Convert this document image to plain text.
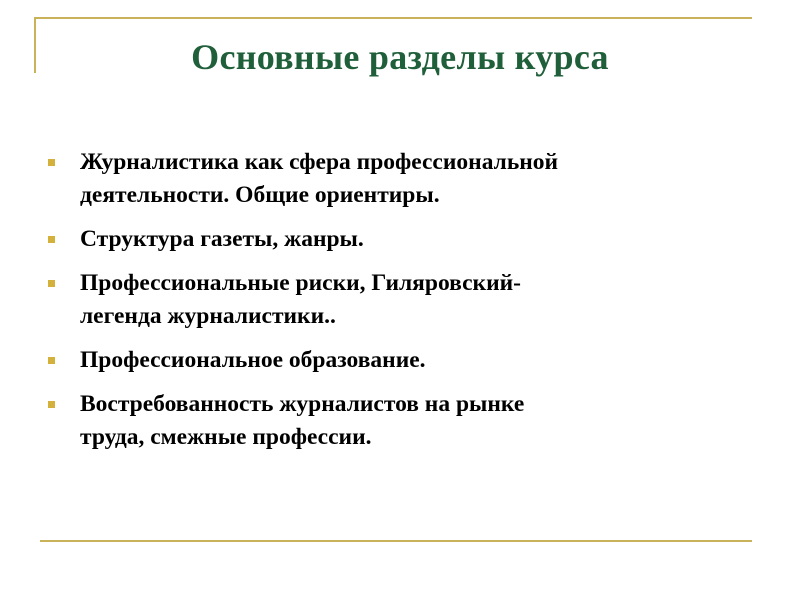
Основные разделы курса
Журналистика как сфера профессиональной
деятельности. Общие ориентиры.
Структура газеты, жанры.
Профессиональные риски, Гиляровский-
легенда журналистики..
Профессиональное образование.
Востребованность журналистов на рынке
труда, смежные профессии.
